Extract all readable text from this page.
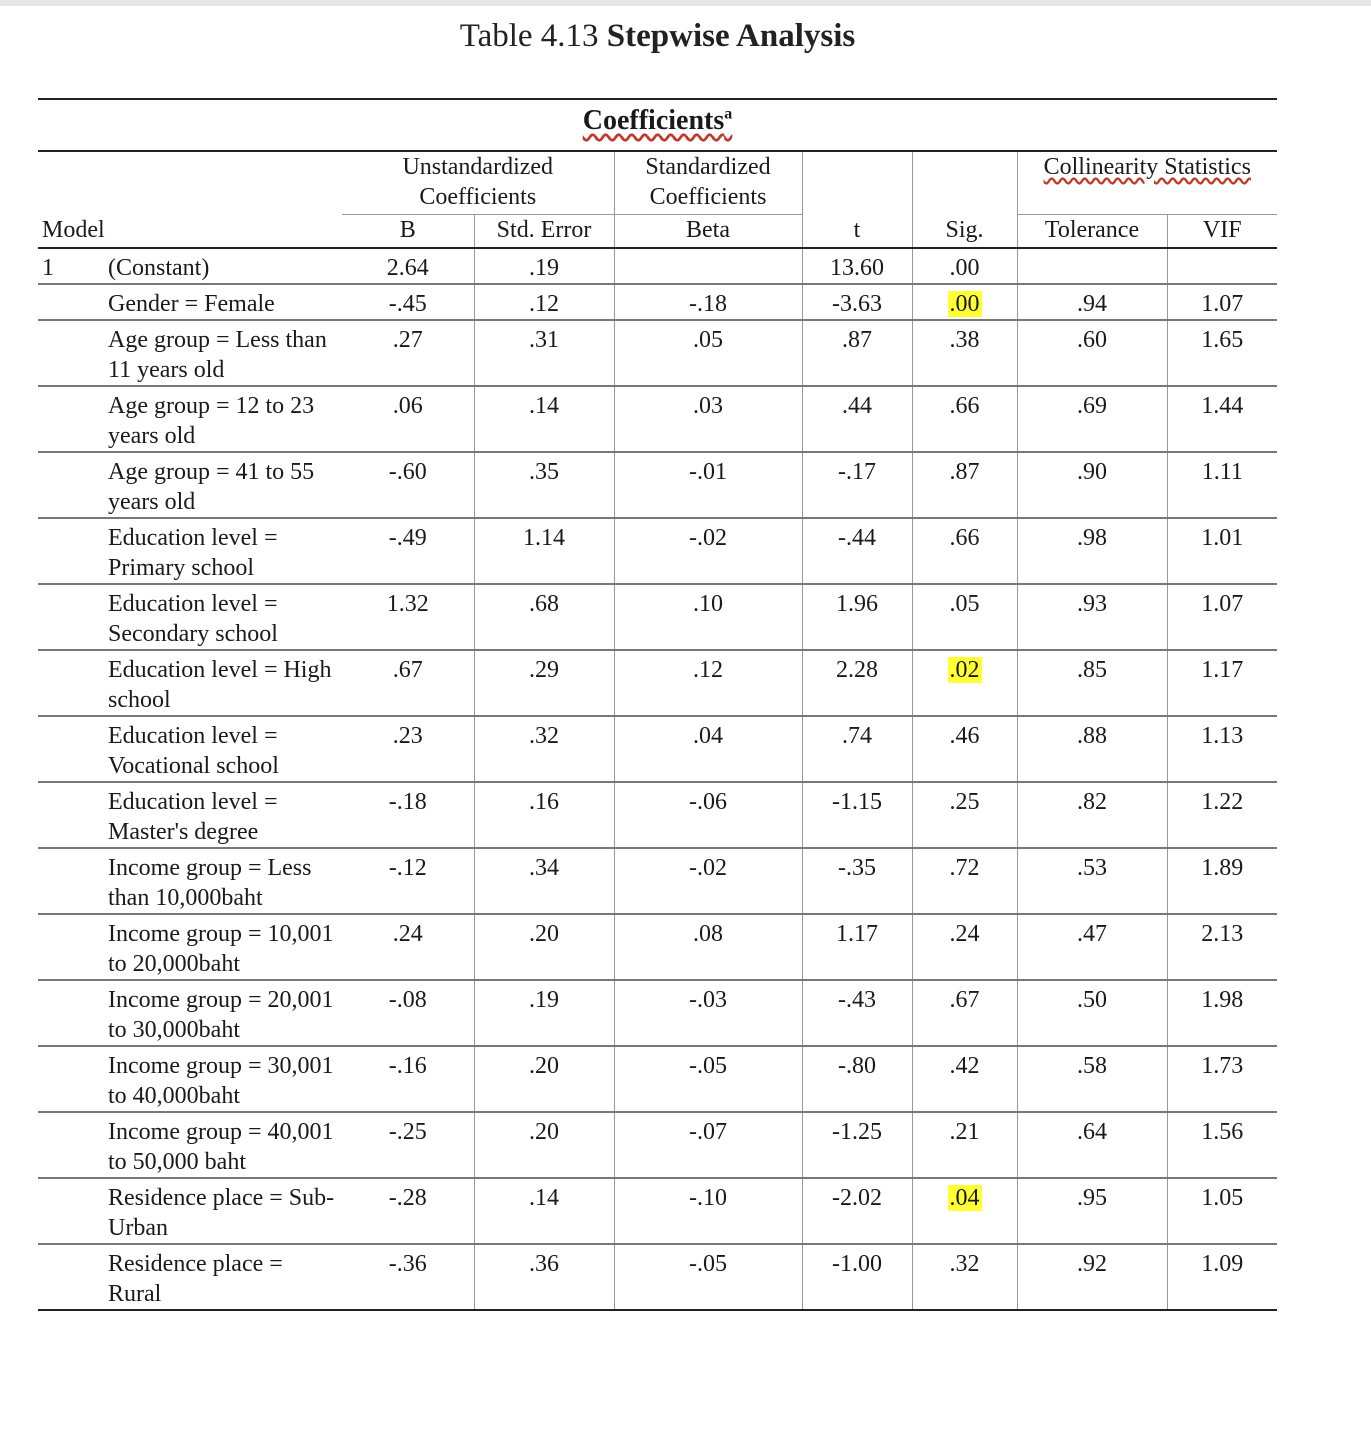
Table 4.13 Stepwise Analysis
Coefficients$^a$
		Unstandardized Coefficients		Standardized Coefficients			Collinearity Statistics	
Model		B	Std. Error	Beta	t	Sig.	Tolerance	VIF
1	(Constant)	2.64	.19		13.60	.00		
	Gender = Female	-.45	.12	-.18	-3.63	.00	.94	1.07
	Age group = Less than 11 years old	.27	.31	.05	.87	.38	.60	1.65
	Age group = 12 to 23 years old	.06	.14	.03	.44	.66	.69	1.44
	Age group = 41 to 55 years old	-.60	.35	-.01	-.17	.87	.90	1.11
	Education level = Primary school	-.49	1.14	-.02	-.44	.66	.98	1.01
	Education level = Secondary school	1.32	.68	.10	1.96	.05	.93	1.07
	Education level = High school	.67	.29	.12	2.28	.02	.85	1.17
	Education level = Vocational school	.23	.32	.04	.74	.46	.88	1.13
	Education level = Master's degree	-.18	.16	-.06	-1.15	.25	.82	1.22
	Income group = Less than 10,000baht	-.12	.34	-.02	-.35	.72	.53	1.89
	Income group = 10,001 to 20,000baht	.24	.20	.08	1.17	.24	.47	2.13
	Income group = 20,001 to 30,000baht	-.08	.19	-.03	-.43	.67	.50	1.98
	Income group = 30,001 to 40,000baht	-.16	.20	-.05	-.80	.42	.58	1.73
	Income group = 40,001 to 50,000 baht	-.25	.20	-.07	-1.25	.21	.64	1.56
	Residence place = Sub-Urban	-.28	.14	-.10	-2.02	.04	.95	1.05
	Residence place = Rural	-.36	.36	-.05	-1.00	.32	.92	1.09
